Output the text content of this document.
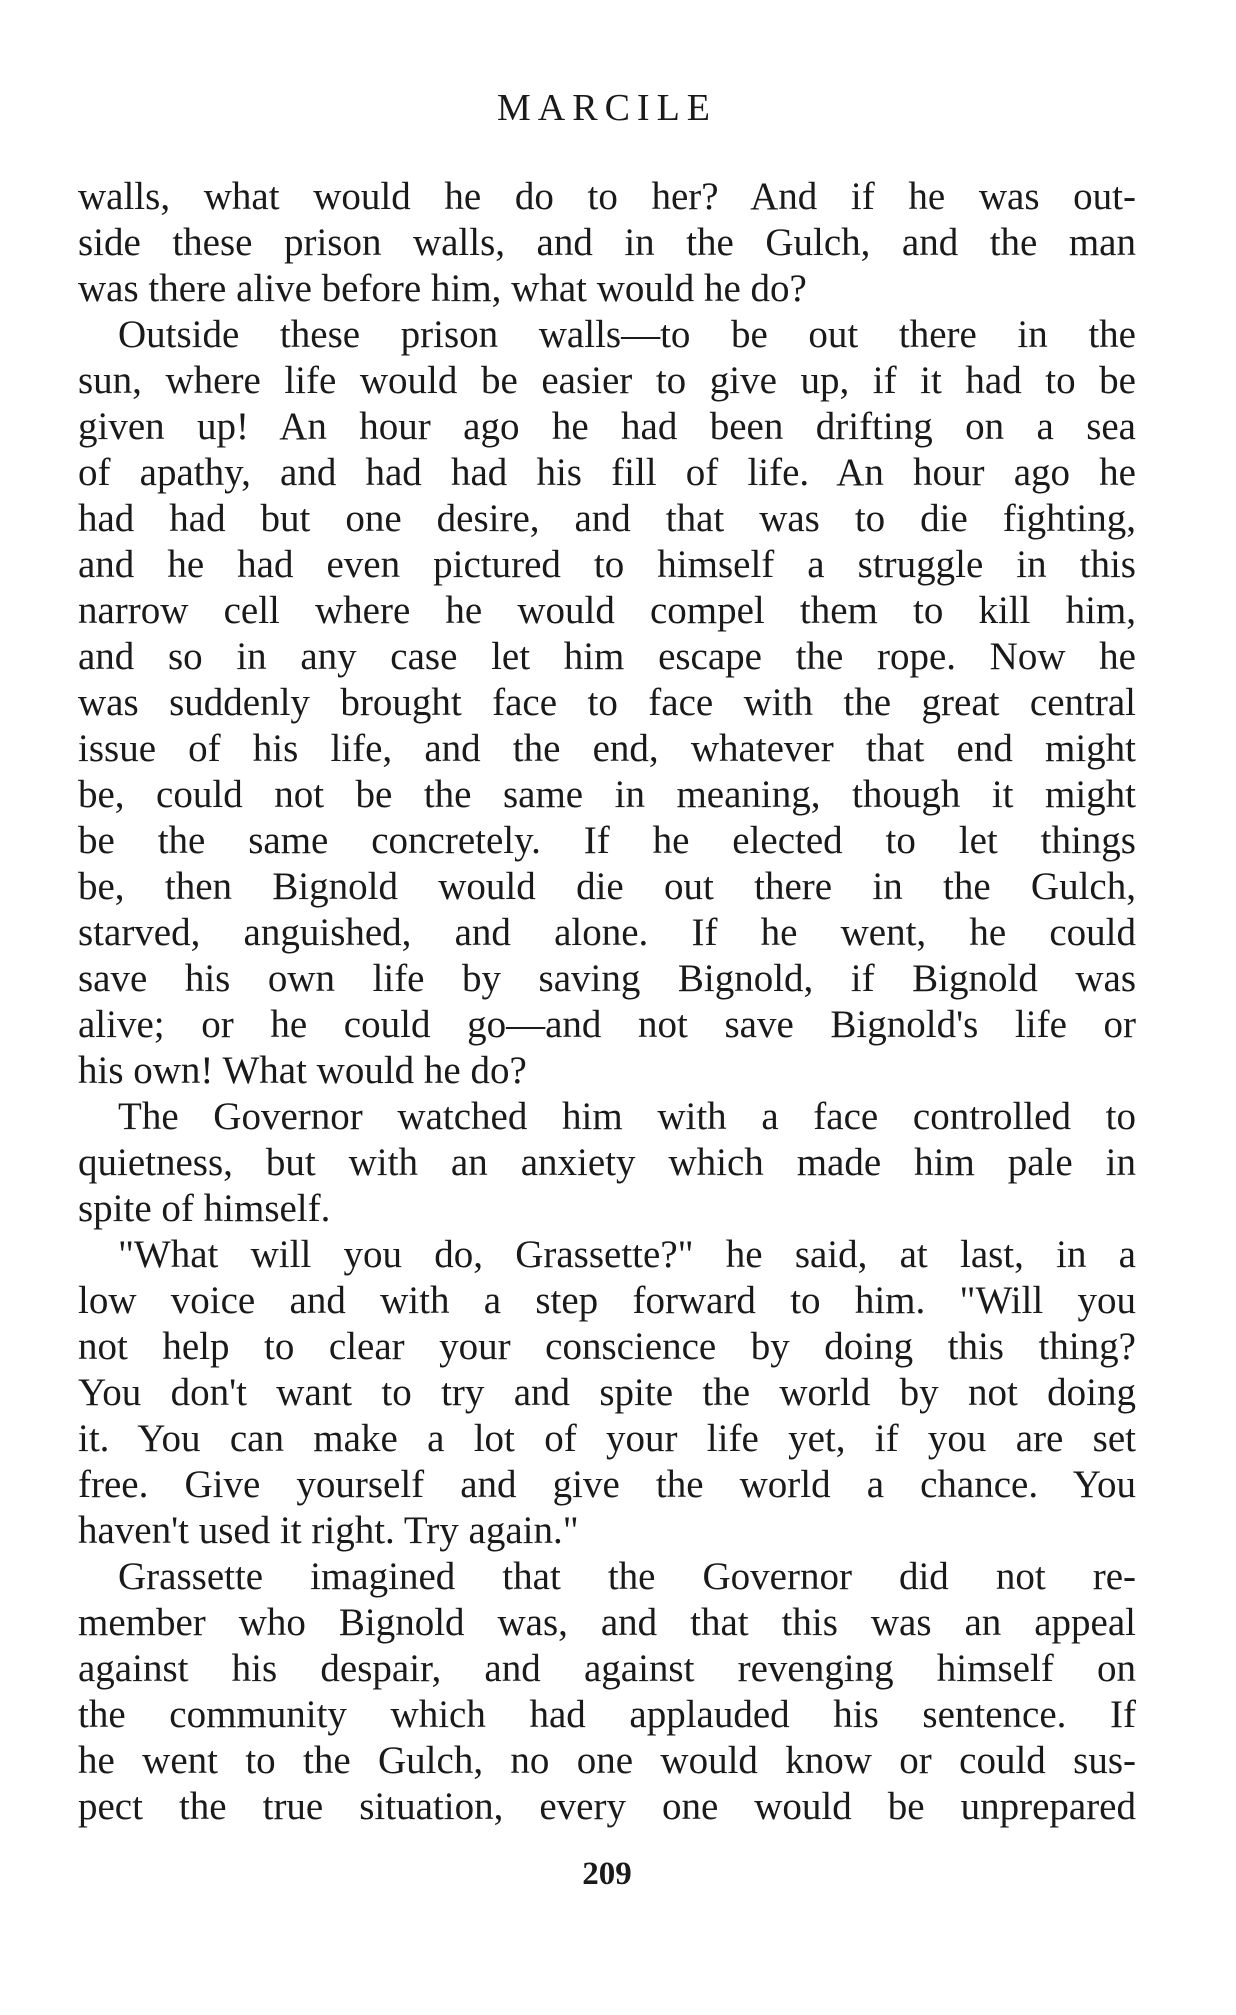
MARCILE
walls, what would he do to her? And if he was out-
side these prison walls, and in the Gulch, and the man
was there alive before him, what would he do?
Outside these prison walls—to be out there in the
sun, where life would be easier to give up, if it had to be
given up! An hour ago he had been drifting on a sea
of apathy, and had had his fill of life. An hour ago he
had had but one desire, and that was to die fighting,
and he had even pictured to himself a struggle in this
narrow cell where he would compel them to kill him,
and so in any case let him escape the rope. Now he
was suddenly brought face to face with the great central
issue of his life, and the end, whatever that end might
be, could not be the same in meaning, though it might
be the same concretely. If he elected to let things
be, then Bignold would die out there in the Gulch,
starved, anguished, and alone. If he went, he could
save his own life by saving Bignold, if Bignold was
alive; or he could go—and not save Bignold's life or
his own! What would he do?
The Governor watched him with a face controlled to
quietness, but with an anxiety which made him pale in
spite of himself.
"What will you do, Grassette?" he said, at last, in a
low voice and with a step forward to him. "Will you
not help to clear your conscience by doing this thing?
You don't want to try and spite the world by not doing
it. You can make a lot of your life yet, if you are set
free. Give yourself and give the world a chance. You
haven't used it right. Try again."
Grassette imagined that the Governor did not re-
member who Bignold was, and that this was an appeal
against his despair, and against revenging himself on
the community which had applauded his sentence. If
he went to the Gulch, no one would know or could sus-
pect the true situation, every one would be unprepared
209
